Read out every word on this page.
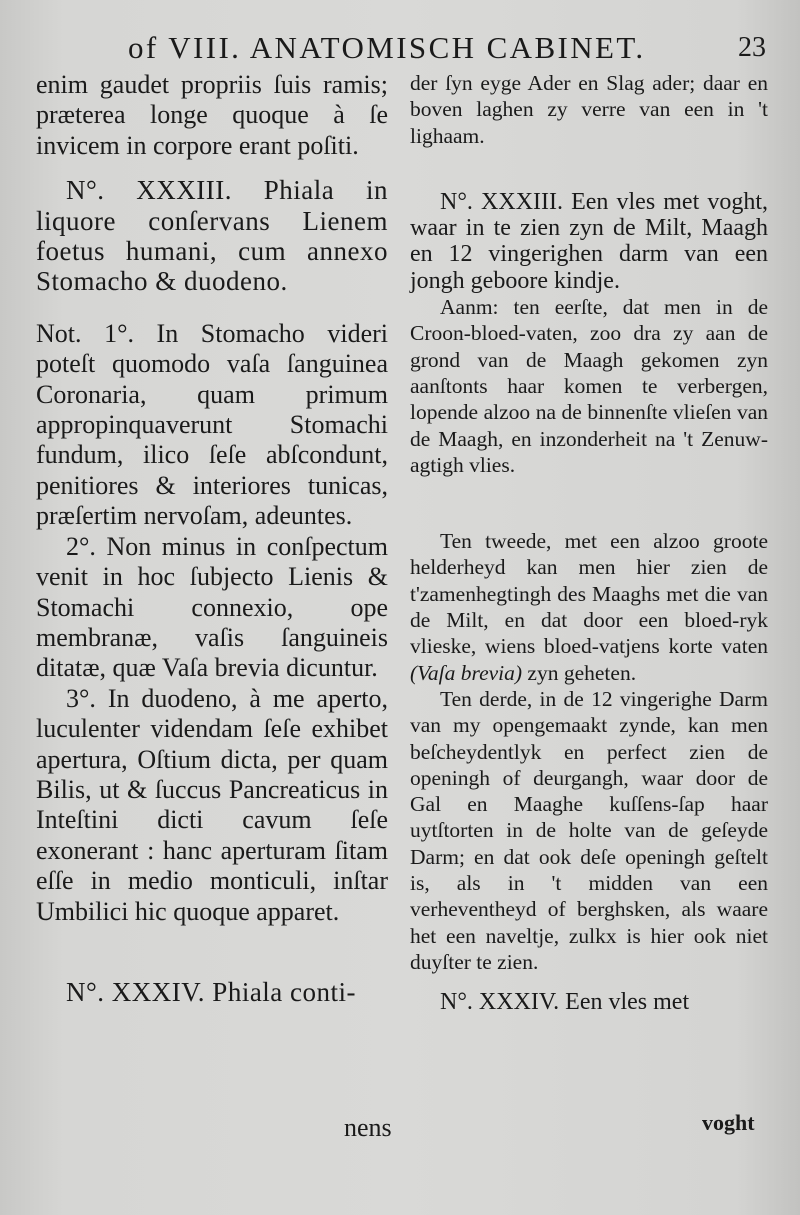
of VIII. ANATOMISCH CABINET.	23

enim gaudet propriis ſuis ramis; præterea longe quoque à ſe invicem in corpore erant poſiti.

N°. XXXIII. Phiala in liquore conſervans Lienem foetus humani, cum annexo Stomacho & duodeno.

Not. 1°. In Stomacho videri poteſt quomodo vaſa ſanguinea Coronaria, quam primum appropinquaverunt Stomachi fundum, ilico ſeſe abſcondunt, penitiores & interiores tunicas, præſertim nervoſam, adeuntes.

2°. Non minus in conſpectum venit in hoc ſubjecto Lienis & Stomachi connexio, ope membranæ, vaſis ſanguineis ditatæ, quæ Vaſa brevia dicuntur.

3°. In duodeno, à me aperto, luculenter videndam ſeſe exhibet apertura, Oſtium dicta, per quam Bilis, ut & ſuccus Pancreaticus in Inteſtini dicti cavum ſeſe exonerant : hanc aperturam ſitam eſſe in medio monticuli, inſtar Umbilici hic quoque apparet.

N°. XXXIV. Phiala conti-

der ſyn eyge Ader en Slag ader; daar en boven laghen zy verre van een in 't lighaam.

N°. XXXIII. Een vles met voght, waar in te zien zyn de Milt, Maagh en 12 vingerighen darm van een jongh geboore kindje.

Aanm: ten eerſte, dat men in de Croon-bloed-vaten, zoo dra zy aan de grond van de Maagh gekomen zyn aanſtonts haar komen te verbergen, lopende alzoo na de binnenſte vlieſen van de Maagh, en inzonderheit na 't Zenuw-agtigh vlies.

Ten tweede, met een alzoo groote helderheyd kan men hier zien de t'zamenhegtingh des Maaghs met die van de Milt, en dat door een bloed-ryk vlieske, wiens bloed-vatjens korte vaten (Vaſa brevia) zyn geheten.

Ten derde, in de 12 vingerighe Darm van my opengemaakt zynde, kan men beſcheydentlyk en perfect zien de openingh of deurgangh, waar door de Gal en Maaghe kuſſens-ſap haar uytſtorten in de holte van de geſeyde Darm; en dat ook deſe openingh geſtelt is, als in 't midden van een verheventheyd of berghsken, als waare het een naveltje, zulkx is hier ook niet duyſter te zien.

N°. XXXIV. Een vles met

nens	voght
